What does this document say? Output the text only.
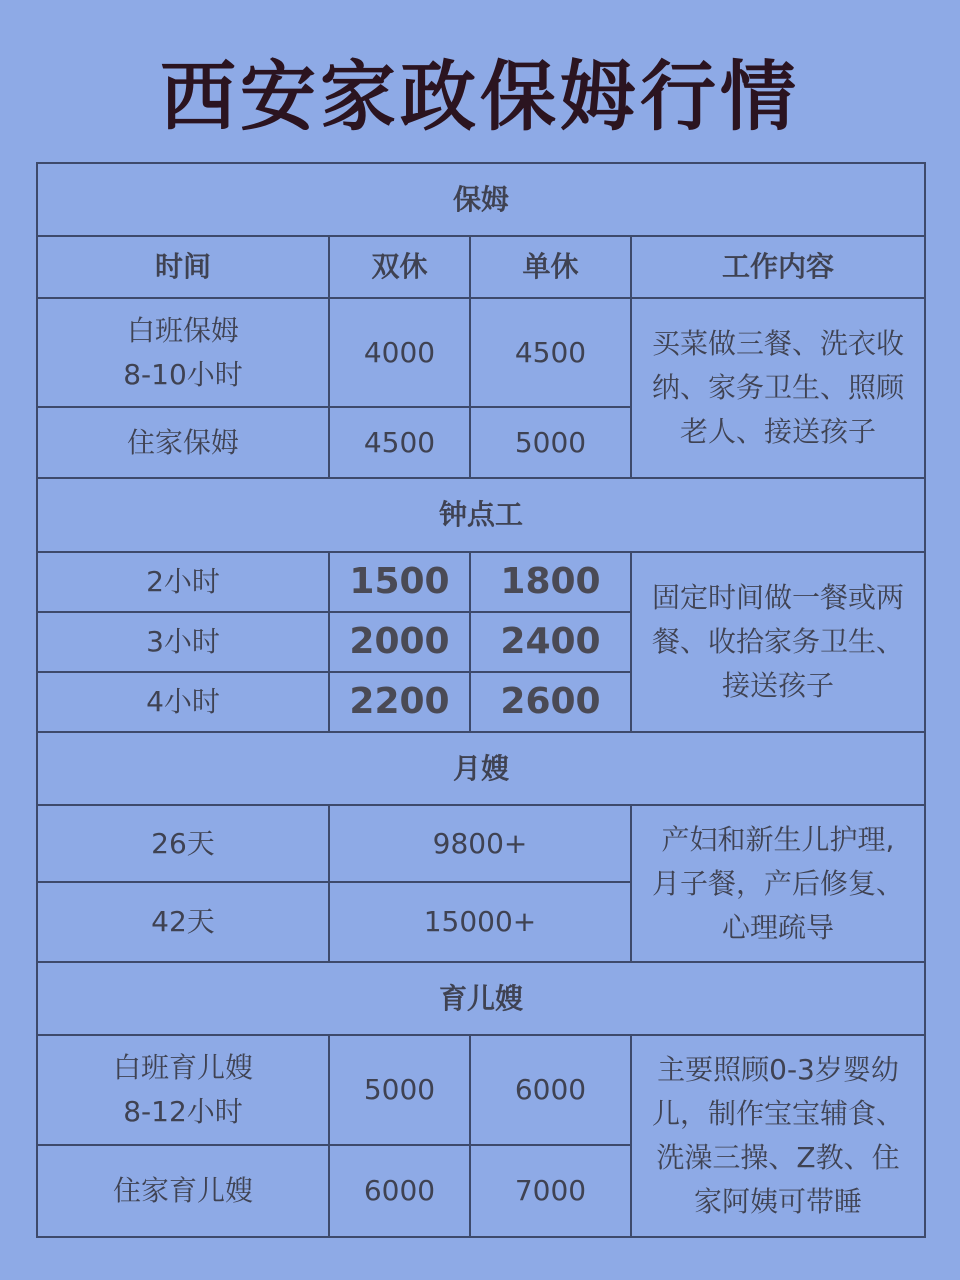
西安家政保姆行情
保姆			
时间	双休	单休	工作内容

白班保姆
8-10小时	4000	4500	买菜做三餐、洗衣收
纳、家务卫生、照顾
老人、接送孩子

住家保姆	4500	5000	
钟点工			
2小时	1500	1800	固定时间做一餐或两
餐、收拾家务卫生、
接送孩子

3小时	2000	2400	
4小时	2200	2600	
月嫂			
26天	9800+		产妇和新生儿护理,
月子餐，产后修复、
心理疏导

42天	15000+		
育儿嫂			

白班育儿嫂
8-12小时	5000	6000	主要照顾0-3岁婴幼
儿，制作宝宝辅食、
洗澡三操、Z教、住
家阿姨可带睡

住家育儿嫂	6000	7000	
